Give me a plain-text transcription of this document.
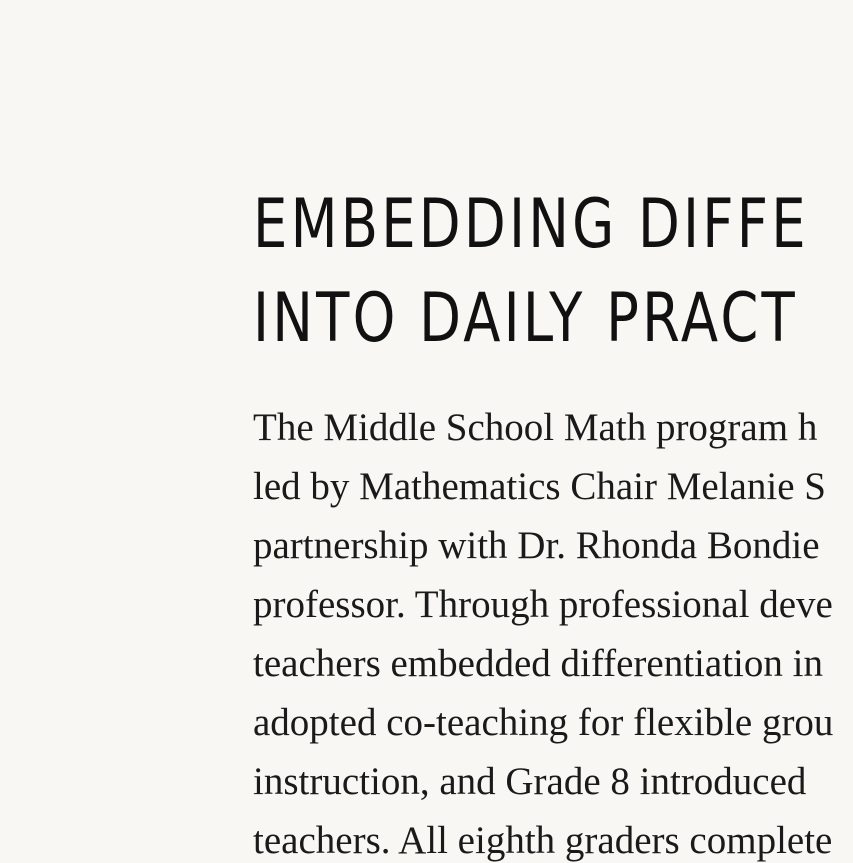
EMBEDDING DIFFE
INTO DAILY PRACT

The Middle School Math program h
led by Mathematics Chair Melanie S
partnership with Dr. Rhonda Bondie
professor. Through professional deve
teachers embedded differentiation in
adopted co-teaching for flexible grou
instruction, and Grade 8 introduced
teachers. All eighth graders complete
